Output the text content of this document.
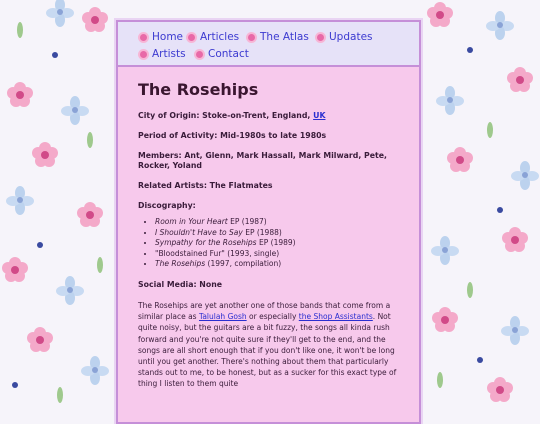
Home Articles The Atlas Updates
Artists Contact
The Rosehips

City of Origin: Stoke-on-Trent, England, UK

Period of Activity: Mid-1980s to late 1980s

Members: Ant, Glenn, Mark Hassall, Mark Milward, Pete, Rocker, Yoland

Related Artists: The Flatmates

Discography:

• Room in Your Heart EP (1987)
• I Shouldn't Have to Say EP (1988)
• Sympathy for the Rosehips EP (1989)
• "Bloodstained Fur" (1993, single)
• The Rosehips (1997, compilation)

Social Media: None

The Rosehips are yet another one of those bands that come from a similar place as Talulah Gosh or especially the Shop Assistants. Not quite noisy, but the guitars are a bit fuzzy, the songs all kinda rush forward and you're not quite sure if they'll get to the end, and the songs are all short enough that if you don't like one, it won't be long until you get another. There's nothing about them that particularly stands out to me, to be honest, but as a sucker for this exact type of thing I listen to them quite
